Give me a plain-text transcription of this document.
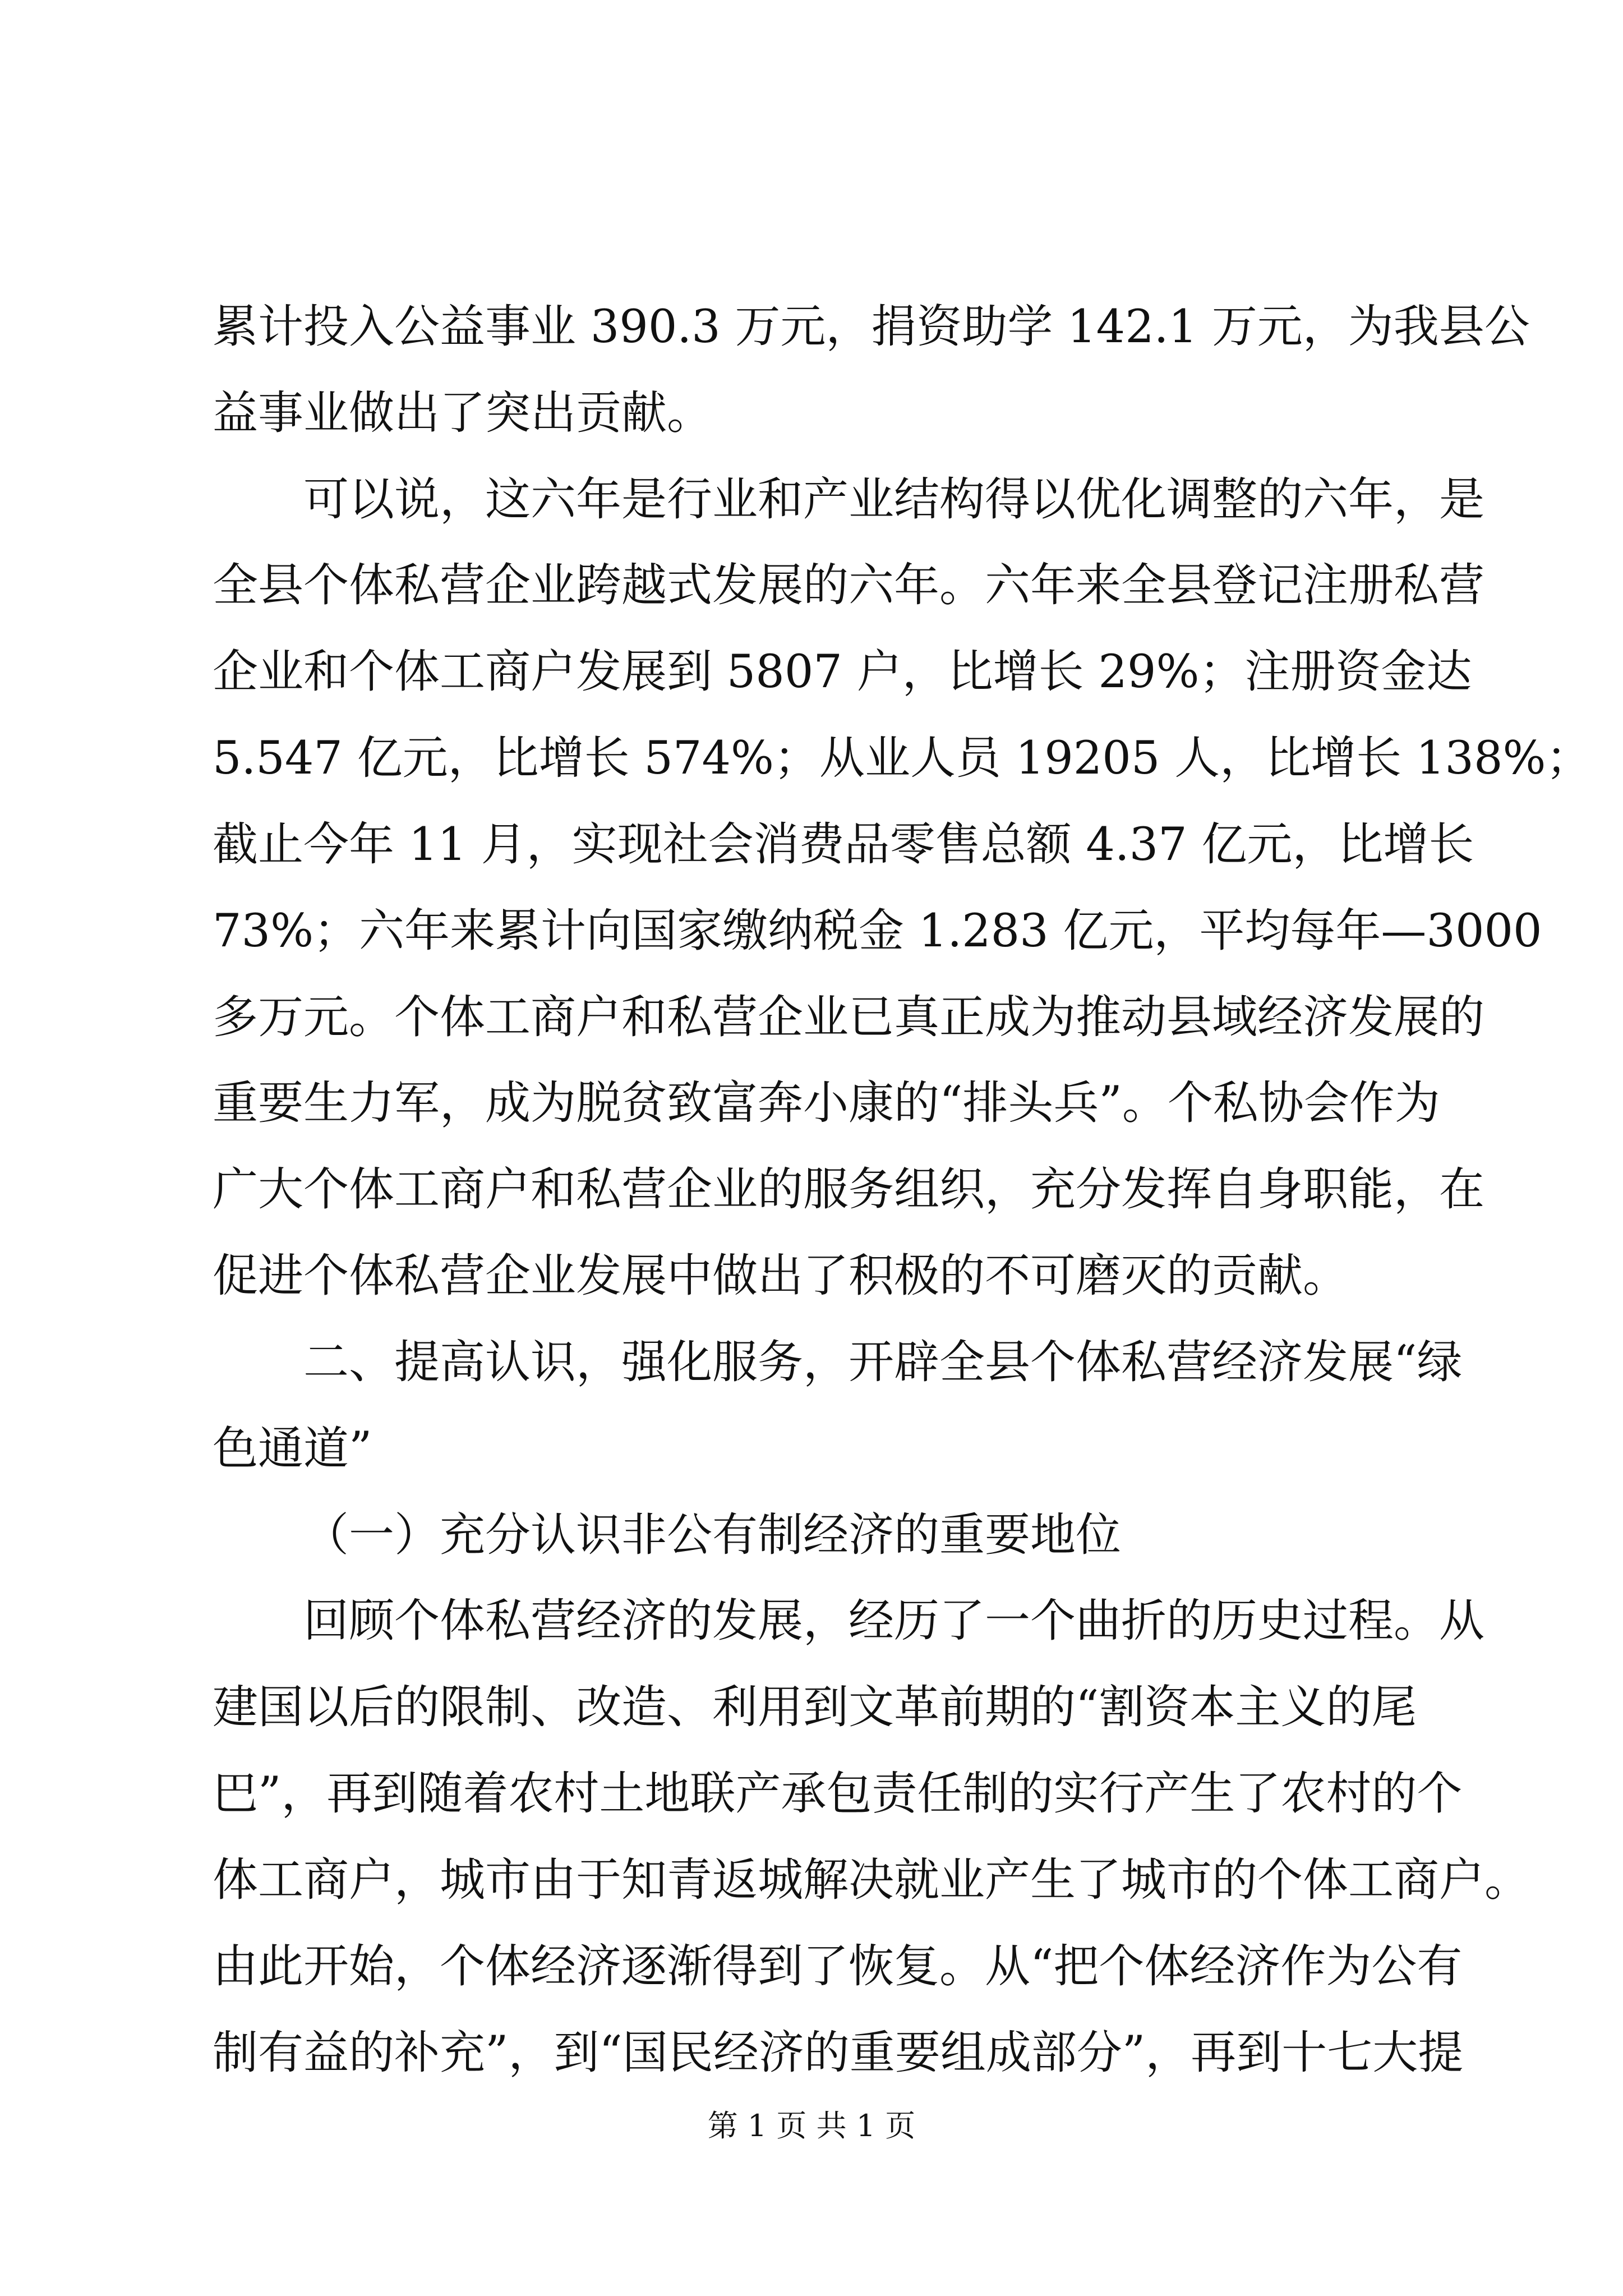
累计投入公益事业 390.3 万元，捐资助学 142.1 万元，为我县公
益事业做出了突出贡献。
可以说，这六年是行业和产业结构得以优化调整的六年，是
全县个体私营企业跨越式发展的六年。六年来全县登记注册私营
企业和个体工商户发展到 5807 户，比增长 29%；注册资金达
5.547 亿元，比增长 574%；从业人员 19205 人，比增长 138%；
截止今年 11 月，实现社会消费品零售总额 4.37 亿元，比增长
73%；六年来累计向国家缴纳税金 1.283 亿元，平均每年—3000
多万元。个体工商户和私营企业已真正成为推动县域经济发展的
重要生力军，成为脱贫致富奔小康的“排头兵”。个私协会作为
广大个体工商户和私营企业的服务组织，充分发挥自身职能，在
促进个体私营企业发展中做出了积极的不可磨灭的贡献。
二、提高认识，强化服务，开辟全县个体私营经济发展“绿
色通道”
（一）充分认识非公有制经济的重要地位
回顾个体私营经济的发展，经历了一个曲折的历史过程。从
建国以后的限制、改造、利用到文革前期的“割资本主义的尾
巴”，再到随着农村土地联产承包责任制的实行产生了农村的个
体工商户，城市由于知青返城解决就业产生了城市的个体工商户。
由此开始，个体经济逐渐得到了恢复。从“把个体经济作为公有
制有益的补充”，到“国民经济的重要组成部分”，再到十七大提
第 1 页 共 1 页
